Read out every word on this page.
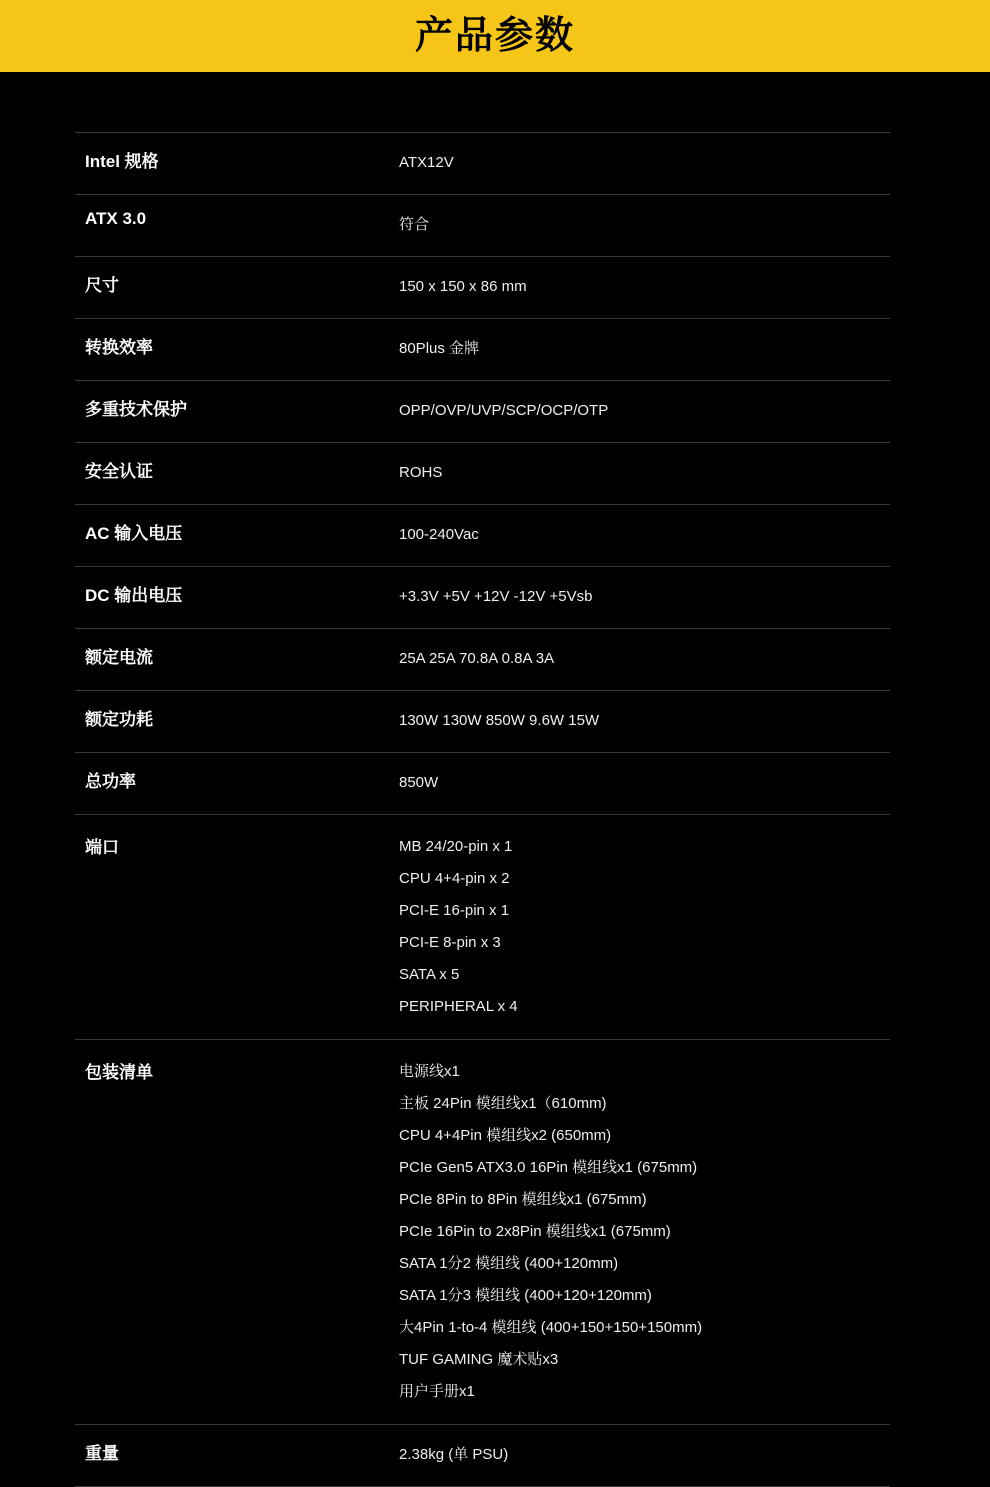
产品参数
Intel 规格	ATX12V

ATX 3.0	符合

尺寸	150 x 150 x 86 mm

转换效率	80Plus 金牌

多重技术保护	OPP/OVP/UVP/SCP/OCP/OTP

安全认证	ROHS

AC 输入电压	100-240Vac

DC 输出电压	+3.3V +5V +12V -12V +5Vsb

额定电流	25A 25A 70.8A 0.8A 3A

额定功耗	130W 130W 850W 9.6W 15W

总功率	850W

端口	MB 24/20-pin x 1
CPU 4+4-pin x 2
PCI-E 16-pin x 1
PCI-E 8-pin x 3
SATA x 5
PERIPHERAL x 4

包装清单	电源线x1
主板 24Pin 模组线x1（610mm)
CPU 4+4Pin 模组线x2 (650mm)
PCIe Gen5 ATX3.0 16Pin 模组线x1 (675mm)
PCIe 8Pin to 8Pin 模组线x1 (675mm)
PCIe 16Pin to 2x8Pin 模组线x1 (675mm)
SATA 1分2 模组线 (400+120mm)
SATA 1分3 模组线 (400+120+120mm)
大4Pin 1-to-4 模组线 (400+150+150+150mm)
TUF GAMING 魔术贴x3
用户手册x1

重量	2.38kg (单 PSU)
